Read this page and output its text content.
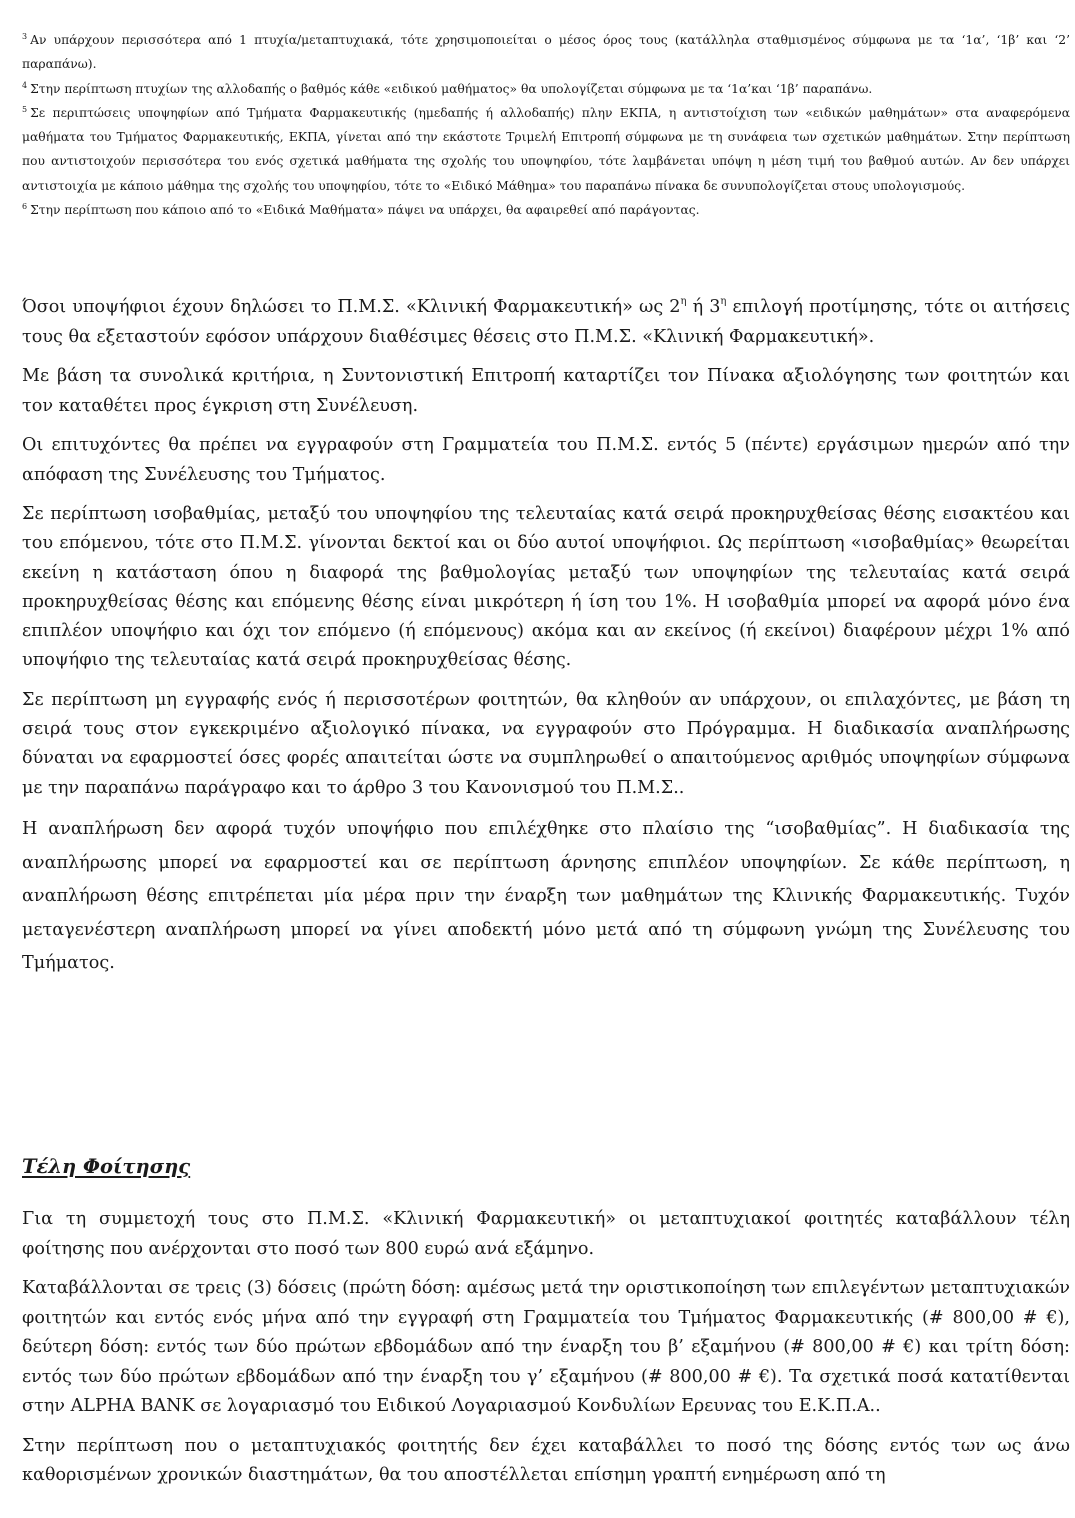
$^3$ Αν υπάρχουν περισσότερα από 1 πτυχία/μεταπτυχιακά, τότε χρησιμοποιείται ο μέσος όρος τους (κατάλληλα σταθμισμένος σύμφωνα με τα ‘1α’, ‘1β’ και ‘2’ παραπάνω).

$^4$ Στην περίπτωση πτυχίων της αλλοδαπής ο βαθμός κάθε «ειδικού μαθήματος» θα υπολογίζεται σύμφωνα με τα ‘1α’και ‘1β’ παραπάνω.

$^5$ Σε περιπτώσεις υποψηφίων από Τμήματα Φαρμακευτικής (ημεδαπής ή αλλοδαπής) πλην ΕΚΠΑ, η αντιστοίχιση των «ειδικών μαθημάτων» στα αναφερόμενα μαθήματα του Τμήματος Φαρμακευτικής, ΕΚΠΑ, γίνεται από την εκάστοτε Τριμελή Επιτροπή σύμφωνα με τη συνάφεια των σχετικών μαθημάτων. Στην περίπτωση που αντιστοιχούν περισσότερα του ενός σχετικά μαθήματα της σχολής του υποψηφίου, τότε λαμβάνεται υπόψη η μέση τιμή του βαθμού αυτών. Αν δεν υπάρχει αντιστοιχία με κάποιο μάθημα της σχολής του υποψηφίου, τότε το «Ειδικό Μάθημα» του παραπάνω πίνακα δε συνυπολογίζεται στους υπολογισμούς.

$^6$ Στην περίπτωση που κάποιο από το «Ειδικά Μαθήματα» πάψει να υπάρχει, θα αφαιρεθεί από παράγοντας.

Όσοι υποψήφιοι έχουν δηλώσει το Π.Μ.Σ. «Κλινική Φαρμακευτική» ως $2^\eta$ ή $3^\eta$ επιλογή προτίμησης, τότε οι αιτήσεις τους θα εξεταστούν εφόσον υπάρχουν διαθέσιμες θέσεις στο Π.Μ.Σ. «Κλινική Φαρμακευτική».

Με βάση τα συνολικά κριτήρια, η Συντονιστική Επιτροπή καταρτίζει τον Πίνακα αξιολόγησης των φοιτητών και τον καταθέτει προς έγκριση στη Συνέλευση.

Οι επιτυχόντες θα πρέπει να εγγραφούν στη Γραμματεία του Π.Μ.Σ. εντός 5 (πέντε) εργάσιμων ημερών από την απόφαση της Συνέλευσης του Τμήματος.

Σε περίπτωση ισοβαθμίας, μεταξύ του υποψηφίου της τελευταίας κατά σειρά προκηρυχθείσας θέσης εισακτέου και του επόμενου, τότε στο Π.Μ.Σ. γίνονται δεκτοί και οι δύο αυτοί υποψήφιοι. Ως περίπτωση «ισοβαθμίας» θεωρείται εκείνη η κατάσταση όπου η διαφορά της βαθμολογίας μεταξύ των υποψηφίων της τελευταίας κατά σειρά προκηρυχθείσας θέσης και επόμενης θέσης είναι μικρότερη ή ίση του 1%. Η ισοβαθμία μπορεί να αφορά μόνο ένα επιπλέον υποψήφιο και όχι τον επόμενο (ή επόμενους) ακόμα και αν εκείνος (ή εκείνοι) διαφέρουν μέχρι 1% από υποψήφιο της τελευταίας κατά σειρά προκηρυχθείσας θέσης.

Σε περίπτωση μη εγγραφής ενός ή περισσοτέρων φοιτητών, θα κληθούν αν υπάρχουν, οι επιλαχόντες, με βάση τη σειρά τους στον εγκεκριμένο αξιολογικό πίνακα, να εγγραφούν στο Πρόγραμμα. Η διαδικασία αναπλήρωσης δύναται να εφαρμοστεί όσες φορές απαιτείται ώστε να συμπληρωθεί ο απαιτούμενος αριθμός υποψηφίων σύμφωνα με την παραπάνω παράγραφο και το άρθρο 3 του Κανονισμού του Π.Μ.Σ..

Η αναπλήρωση δεν αφορά τυχόν υποψήφιο που επιλέχθηκε στο πλαίσιο της “ισοβαθμίας”. Η διαδικασία της αναπλήρωσης μπορεί να εφαρμοστεί και σε περίπτωση άρνησης επιπλέον υποψηφίων. Σε κάθε περίπτωση, η αναπλήρωση θέσης επιτρέπεται μία μέρα πριν την έναρξη των μαθημάτων της Κλινικής Φαρμακευτικής. Τυχόν μεταγενέστερη αναπλήρωση μπορεί να γίνει αποδεκτή μόνο μετά από τη σύμφωνη γνώμη της Συνέλευσης του Τμήματος.

Τέλη Φοίτησης

Για τη συμμετοχή τους στο Π.Μ.Σ. «Κλινική Φαρμακευτική» οι μεταπτυχιακοί φοιτητές καταβάλλουν τέλη φοίτησης που ανέρχονται στο ποσό των 800 ευρώ ανά εξάμηνο.

Καταβάλλονται σε τρεις (3) δόσεις (πρώτη δόση: αμέσως μετά την οριστικοποίηση των επιλεγέντων μεταπτυχιακών φοιτητών και εντός ενός μήνα από την εγγραφή στη Γραμματεία του Τμήματος Φαρμακευτικής (# 800,00 # €), δεύτερη δόση: εντός των δύο πρώτων εβδομάδων από την έναρξη του β’ εξαμήνου (# 800,00 # €) και τρίτη δόση: εντός των δύο πρώτων εβδομάδων από την έναρξη του γ’ εξαμήνου (# 800,00 # €). Τα σχετικά ποσά κατατίθενται στην ALPHA BANK σε λογαριασμό του Ειδικού Λογαριασμού Κονδυλίων Ερευνας του Ε.Κ.Π.Α..

Στην περίπτωση που ο μεταπτυχιακός φοιτητής δεν έχει καταβάλλει το ποσό της δόσης εντός των ως άνω καθορισμένων χρονικών διαστημάτων, θα του αποστέλλεται επίσημη γραπτή ενημέρωση από τη
